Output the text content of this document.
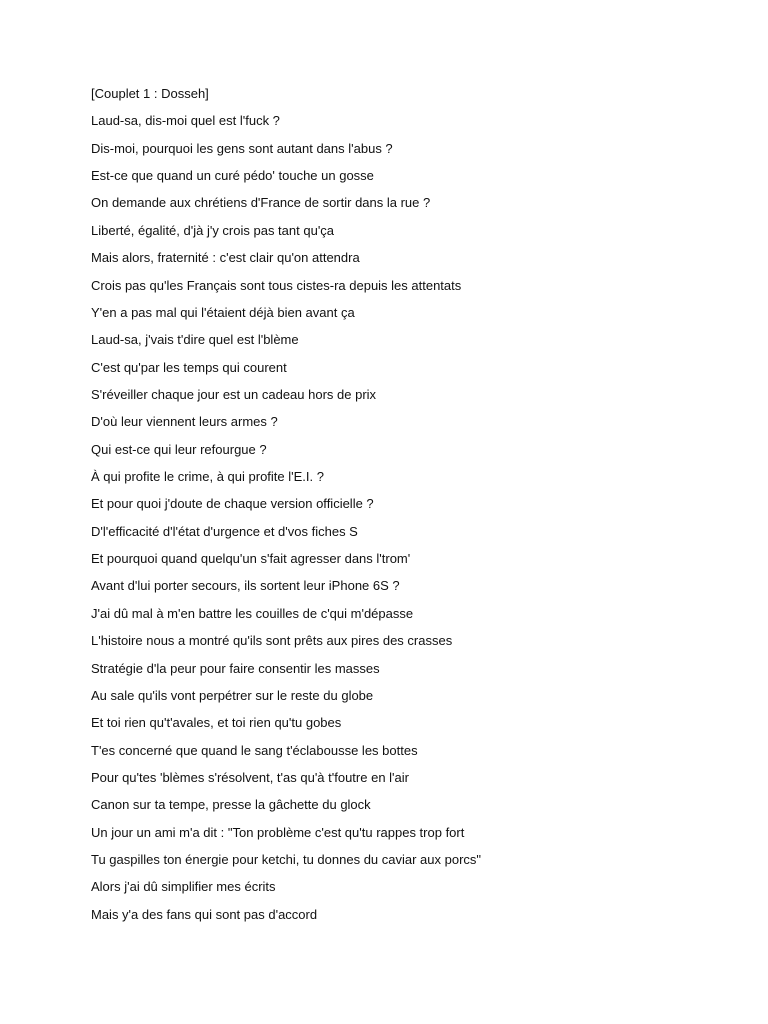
[Couplet 1 : Dosseh]
Laud-sa, dis-moi quel est l'fuck ?
Dis-moi, pourquoi les gens sont autant dans l'abus ?
Est-ce que quand un curé pédo' touche un gosse
On demande aux chrétiens d'France de sortir dans la rue ?
Liberté, égalité, d'jà j'y crois pas tant qu'ça
Mais alors, fraternité : c'est clair qu'on attendra
Crois pas qu'les Français sont tous cistes-ra depuis les attentats
Y'en a pas mal qui l'étaient déjà bien avant ça
Laud-sa, j'vais t'dire quel est l'blème
C'est qu'par les temps qui courent
S'réveiller chaque jour est un cadeau hors de prix
D'où leur viennent leurs armes ?
Qui est-ce qui leur refourgue ?
À qui profite le crime, à qui profite l'E.I. ?
Et pour quoi j'doute de chaque version officielle ?
D'l'efficacité d'l'état d'urgence et d'vos fiches S
Et pourquoi quand quelqu'un s'fait agresser dans l'trom'
Avant d'lui porter secours, ils sortent leur iPhone 6S ?
J'ai dû mal à m'en battre les couilles de c'qui m'dépasse
L'histoire nous a montré qu'ils sont prêts aux pires des crasses
Stratégie d'la peur pour faire consentir les masses
Au sale qu'ils vont perpétrer sur le reste du globe
Et toi rien qu't'avales, et toi rien qu'tu gobes
T'es concerné que quand le sang t'éclabousse les bottes
Pour qu'tes 'blèmes s'résolvent, t'as qu'à t'foutre en l'air
Canon sur ta tempe, presse la gâchette du glock
Un jour un ami m'a dit : "Ton problème c'est qu'tu rappes trop fort
Tu gaspilles ton énergie pour ketchi, tu donnes du caviar aux porcs"
Alors j'ai dû simplifier mes écrits
Mais y'a des fans qui sont pas d'accord
